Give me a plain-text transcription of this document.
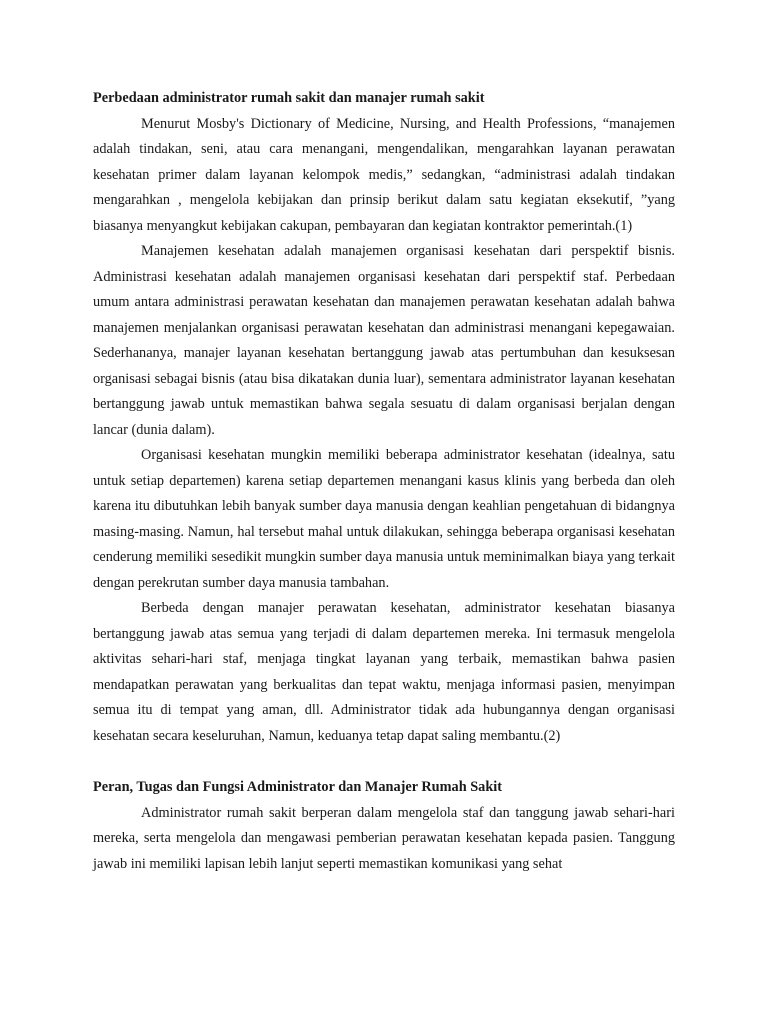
Perbedaan administrator rumah sakit dan manajer rumah sakit

Menurut Mosby's Dictionary of Medicine, Nursing, and Health Professions, “manajemen adalah tindakan, seni, atau cara menangani, mengendalikan, mengarahkan layanan perawatan kesehatan primer dalam layanan kelompok medis,” sedangkan, “administrasi adalah tindakan mengarahkan , mengelola kebijakan dan prinsip berikut dalam satu kegiatan eksekutif, ”yang biasanya menyangkut kebijakan cakupan, pembayaran dan kegiatan kontraktor pemerintah.(1)

Manajemen kesehatan adalah manajemen organisasi kesehatan dari perspektif bisnis. Administrasi kesehatan adalah manajemen organisasi kesehatan dari perspektif staf. Perbedaan umum antara administrasi perawatan kesehatan dan manajemen perawatan kesehatan adalah bahwa manajemen menjalankan organisasi perawatan kesehatan dan administrasi menangani kepegawaian. Sederhananya, manajer layanan kesehatan bertanggung jawab atas pertumbuhan dan kesuksesan organisasi sebagai bisnis (atau bisa dikatakan dunia luar), sementara administrator layanan kesehatan bertanggung jawab untuk memastikan bahwa segala sesuatu di dalam organisasi berjalan dengan lancar (dunia dalam).

Organisasi kesehatan mungkin memiliki beberapa administrator kesehatan (idealnya, satu untuk setiap departemen) karena setiap departemen menangani kasus klinis yang berbeda dan oleh karena itu dibutuhkan lebih banyak sumber daya manusia dengan keahlian pengetahuan di bidangnya masing-masing. Namun, hal tersebut mahal untuk dilakukan, sehingga beberapa organisasi kesehatan cenderung memiliki sesedikit mungkin sumber daya manusia untuk meminimalkan biaya yang terkait dengan perekrutan sumber daya manusia tambahan.

Berbeda dengan manajer perawatan kesehatan, administrator kesehatan biasanya bertanggung jawab atas semua yang terjadi di dalam departemen mereka. Ini termasuk mengelola aktivitas sehari-hari staf, menjaga tingkat layanan yang terbaik, memastikan bahwa pasien mendapatkan perawatan yang berkualitas dan tepat waktu, menjaga informasi pasien, menyimpan semua itu di tempat yang aman, dll. Administrator tidak ada hubungannya dengan organisasi kesehatan secara keseluruhan, Namun, keduanya tetap dapat saling membantu.(2)

Peran, Tugas dan Fungsi Administrator dan Manajer Rumah Sakit

Administrator rumah sakit berperan dalam mengelola staf dan tanggung jawab sehari-hari mereka, serta mengelola dan mengawasi pemberian perawatan kesehatan kepada pasien. Tanggung jawab ini memiliki lapisan lebih lanjut seperti memastikan komunikasi yang sehat
